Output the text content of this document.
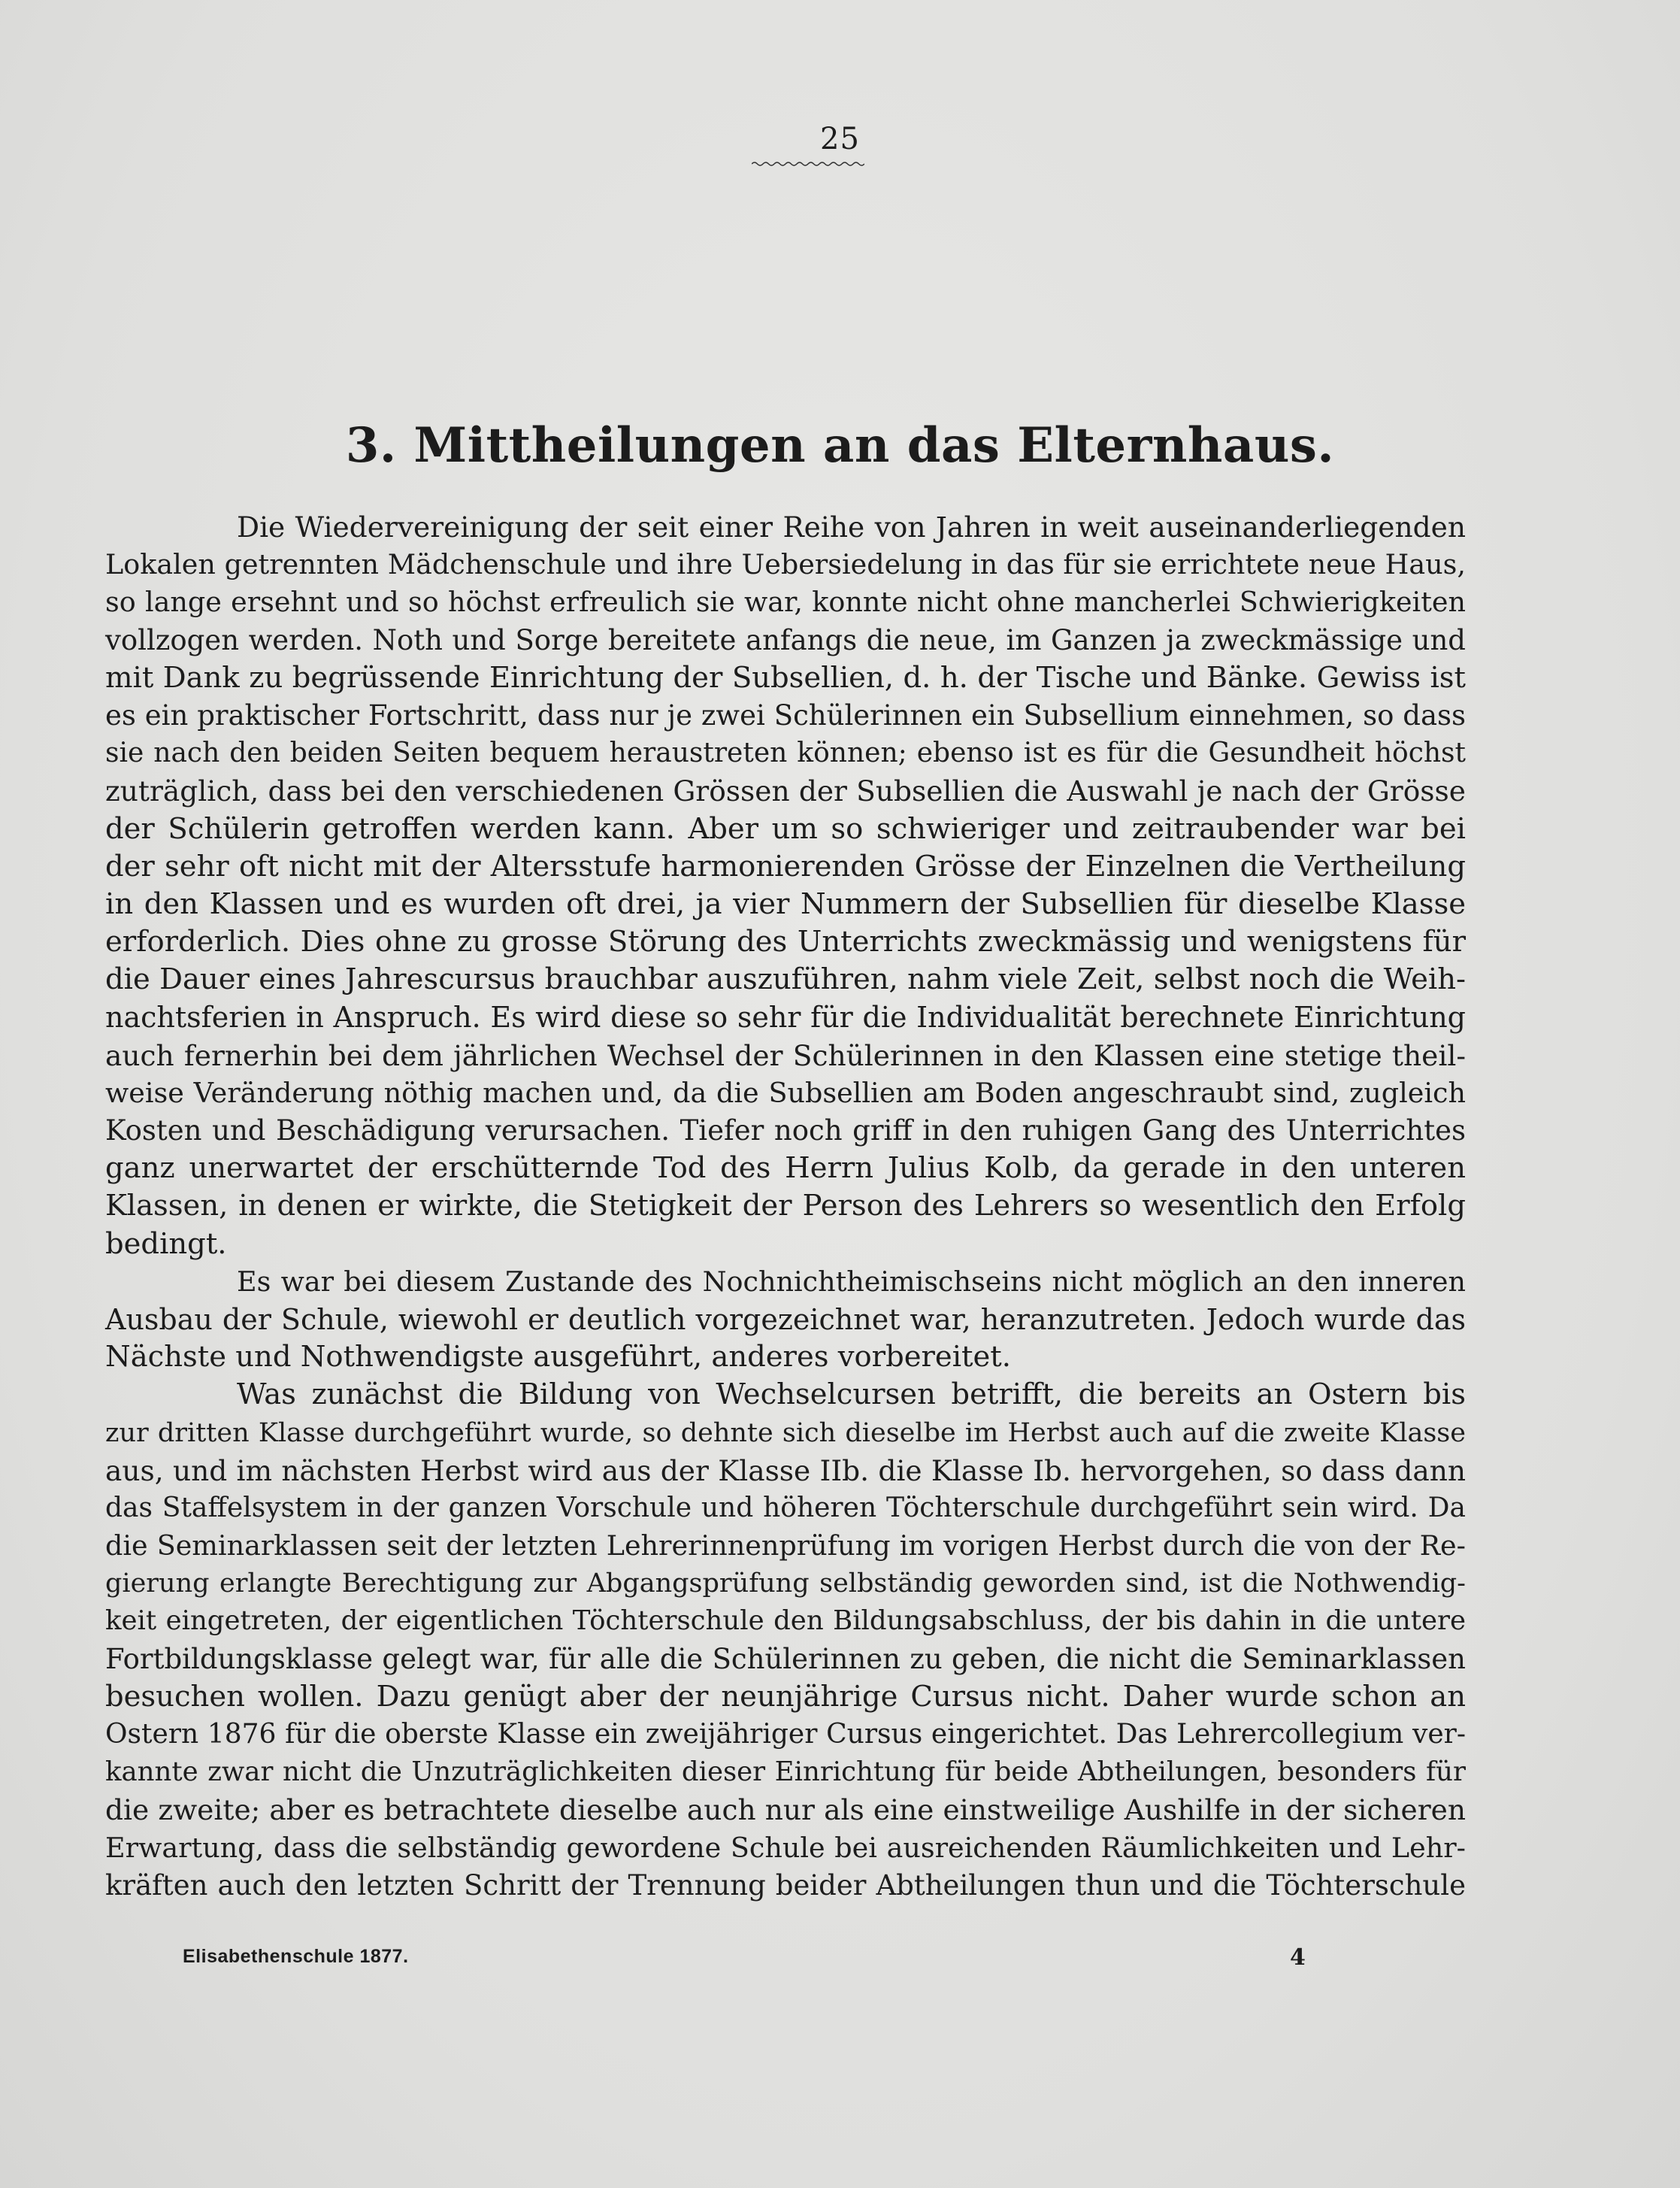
25
3. Mittheilungen an das Elternhaus.
Die Wiedervereinigung der seit einer Reihe von Jahren in weit auseinanderliegenden
Lokalen getrennten Mädchenschule und ihre Uebersiedelung in das für sie errichtete neue Haus,
so lange ersehnt und so höchst erfreulich sie war, konnte nicht ohne mancherlei Schwierigkeiten
vollzogen werden. Noth und Sorge bereitete anfangs die neue, im Ganzen ja zweckmässige und
mit Dank zu begrüssende Einrichtung der Subsellien, d. h. der Tische und Bänke. Gewiss ist
es ein praktischer Fortschritt, dass nur je zwei Schülerinnen ein Subsellium einnehmen, so dass
sie nach den beiden Seiten bequem heraustreten können; ebenso ist es für die Gesundheit höchst
zuträglich, dass bei den verschiedenen Grössen der Subsellien die Auswahl je nach der Grösse
der Schülerin getroffen werden kann. Aber um so schwieriger und zeitraubender war bei
der sehr oft nicht mit der Altersstufe harmonierenden Grösse der Einzelnen die Vertheilung
in den Klassen und es wurden oft drei, ja vier Nummern der Subsellien für dieselbe Klasse
erforderlich. Dies ohne zu grosse Störung des Unterrichts zweckmässig und wenigstens für
die Dauer eines Jahrescursus brauchbar auszuführen, nahm viele Zeit, selbst noch die Weih-
nachtsferien in Anspruch. Es wird diese so sehr für die Individualität berechnete Einrichtung
auch fernerhin bei dem jährlichen Wechsel der Schülerinnen in den Klassen eine stetige theil-
weise Veränderung nöthig machen und, da die Subsellien am Boden angeschraubt sind, zugleich
Kosten und Beschädigung verursachen. Tiefer noch griff in den ruhigen Gang des Unterrichtes
ganz unerwartet der erschütternde Tod des Herrn Julius Kolb, da gerade in den unteren
Klassen, in denen er wirkte, die Stetigkeit der Person des Lehrers so wesentlich den Erfolg
bedingt.
Es war bei diesem Zustande des Nochnichtheimischseins nicht möglich an den inneren
Ausbau der Schule, wiewohl er deutlich vorgezeichnet war, heranzutreten. Jedoch wurde das
Nächste und Nothwendigste ausgeführt, anderes vorbereitet.
Was zunächst die Bildung von Wechselcursen betrifft, die bereits an Ostern bis
zur dritten Klasse durchgeführt wurde, so dehnte sich dieselbe im Herbst auch auf die zweite Klasse
aus, und im nächsten Herbst wird aus der Klasse IIb. die Klasse Ib. hervorgehen, so dass dann
das Staffelsystem in der ganzen Vorschule und höheren Töchterschule durchgeführt sein wird. Da
die Seminarklassen seit der letzten Lehrerinnenprüfung im vorigen Herbst durch die von der Re-
gierung erlangte Berechtigung zur Abgangsprüfung selbständig geworden sind, ist die Nothwendig-
keit eingetreten, der eigentlichen Töchterschule den Bildungsabschluss, der bis dahin in die untere
Fortbildungsklasse gelegt war, für alle die Schülerinnen zu geben, die nicht die Seminarklassen
besuchen wollen. Dazu genügt aber der neunjährige Cursus nicht. Daher wurde schon an
Ostern 1876 für die oberste Klasse ein zweijähriger Cursus eingerichtet. Das Lehrercollegium ver-
kannte zwar nicht die Unzuträglichkeiten dieser Einrichtung für beide Abtheilungen, besonders für
die zweite; aber es betrachtete dieselbe auch nur als eine einstweilige Aushilfe in der sicheren
Erwartung, dass die selbständig gewordene Schule bei ausreichenden Räumlichkeiten und Lehr-
kräften auch den letzten Schritt der Trennung beider Abtheilungen thun und die Töchterschule
Elisabethenschule 1877.	4
